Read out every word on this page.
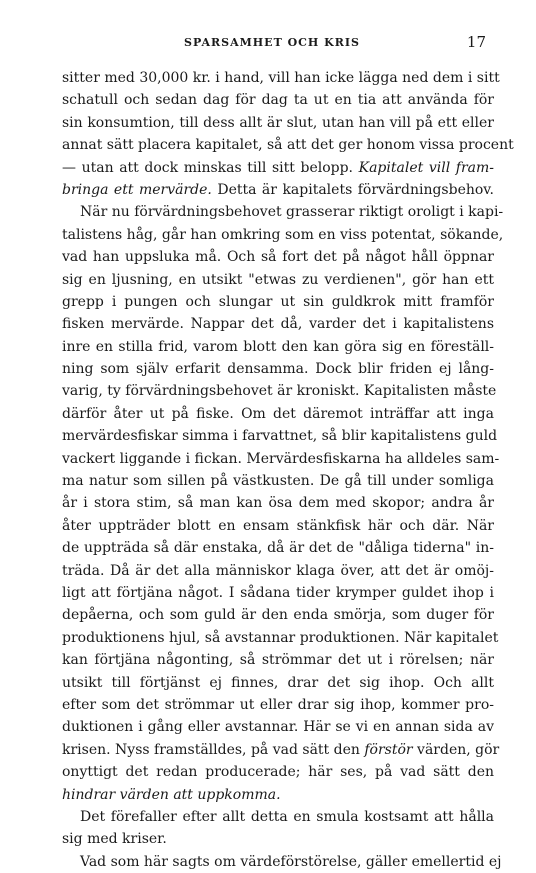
SPARSAMHET OCH KRIS	17
sitter med 30,000 kr. i hand, vill han icke lägga ned dem i sitt
schatull och sedan dag för dag ta ut en tia att använda för
sin konsumtion, till dess allt är slut, utan han vill på ett eller
annat sätt placera kapitalet, så att det ger honom vissa procent
— utan att dock minskas till sitt belopp. Kapitalet vill fram-
bringa ett mervärde. Detta är kapitalets förvärdningsbehov.
När nu förvärdningsbehovet grasserar riktigt oroligt i kapi-
talistens håg, går han omkring som en viss potentat, sökande,
vad han uppsluka må. Och så fort det på något håll öppnar
sig en ljusning, en utsikt "etwas zu verdienen", gör han ett
grepp i pungen och slungar ut sin guldkrok mitt framför
fisken mervärde. Nappar det då, varder det i kapitalistens
inre en stilla frid, varom blott den kan göra sig en föreställ-
ning som själv erfarit densamma. Dock blir friden ej lång-
varig, ty förvärdningsbehovet är kroniskt. Kapitalisten måste
därför åter ut på fiske. Om det däremot inträffar att inga
mervärdesfiskar simma i farvattnet, så blir kapitalistens guld
vackert liggande i fickan. Mervärdesfiskarna ha alldeles sam-
ma natur som sillen på västkusten. De gå till under somliga
år i stora stim, så man kan ösa dem med skopor; andra år
åter uppträder blott en ensam stänkfisk här och där. När
de uppträda så där enstaka, då är det de "dåliga tiderna" in-
träda. Då är det alla människor klaga över, att det är omöj-
ligt att förtjäna något. I sådana tider krymper guldet ihop i
depåerna, och som guld är den enda smörja, som duger för
produktionens hjul, så avstannar produktionen. När kapitalet
kan förtjäna någonting, så strömmar det ut i rörelsen; när
utsikt till förtjänst ej finnes, drar det sig ihop. Och allt
efter som det strömmar ut eller drar sig ihop, kommer pro-
duktionen i gång eller avstannar. Här se vi en annan sida av
krisen. Nyss framställdes, på vad sätt den förstör värden, gör
onyttigt det redan producerade; här ses, på vad sätt den
hindrar värden att uppkomma.
Det förefaller efter allt detta en smula kostsamt att hålla
sig med kriser.
Vad som här sagts om värdeförstörelse, gäller emellertid ej
